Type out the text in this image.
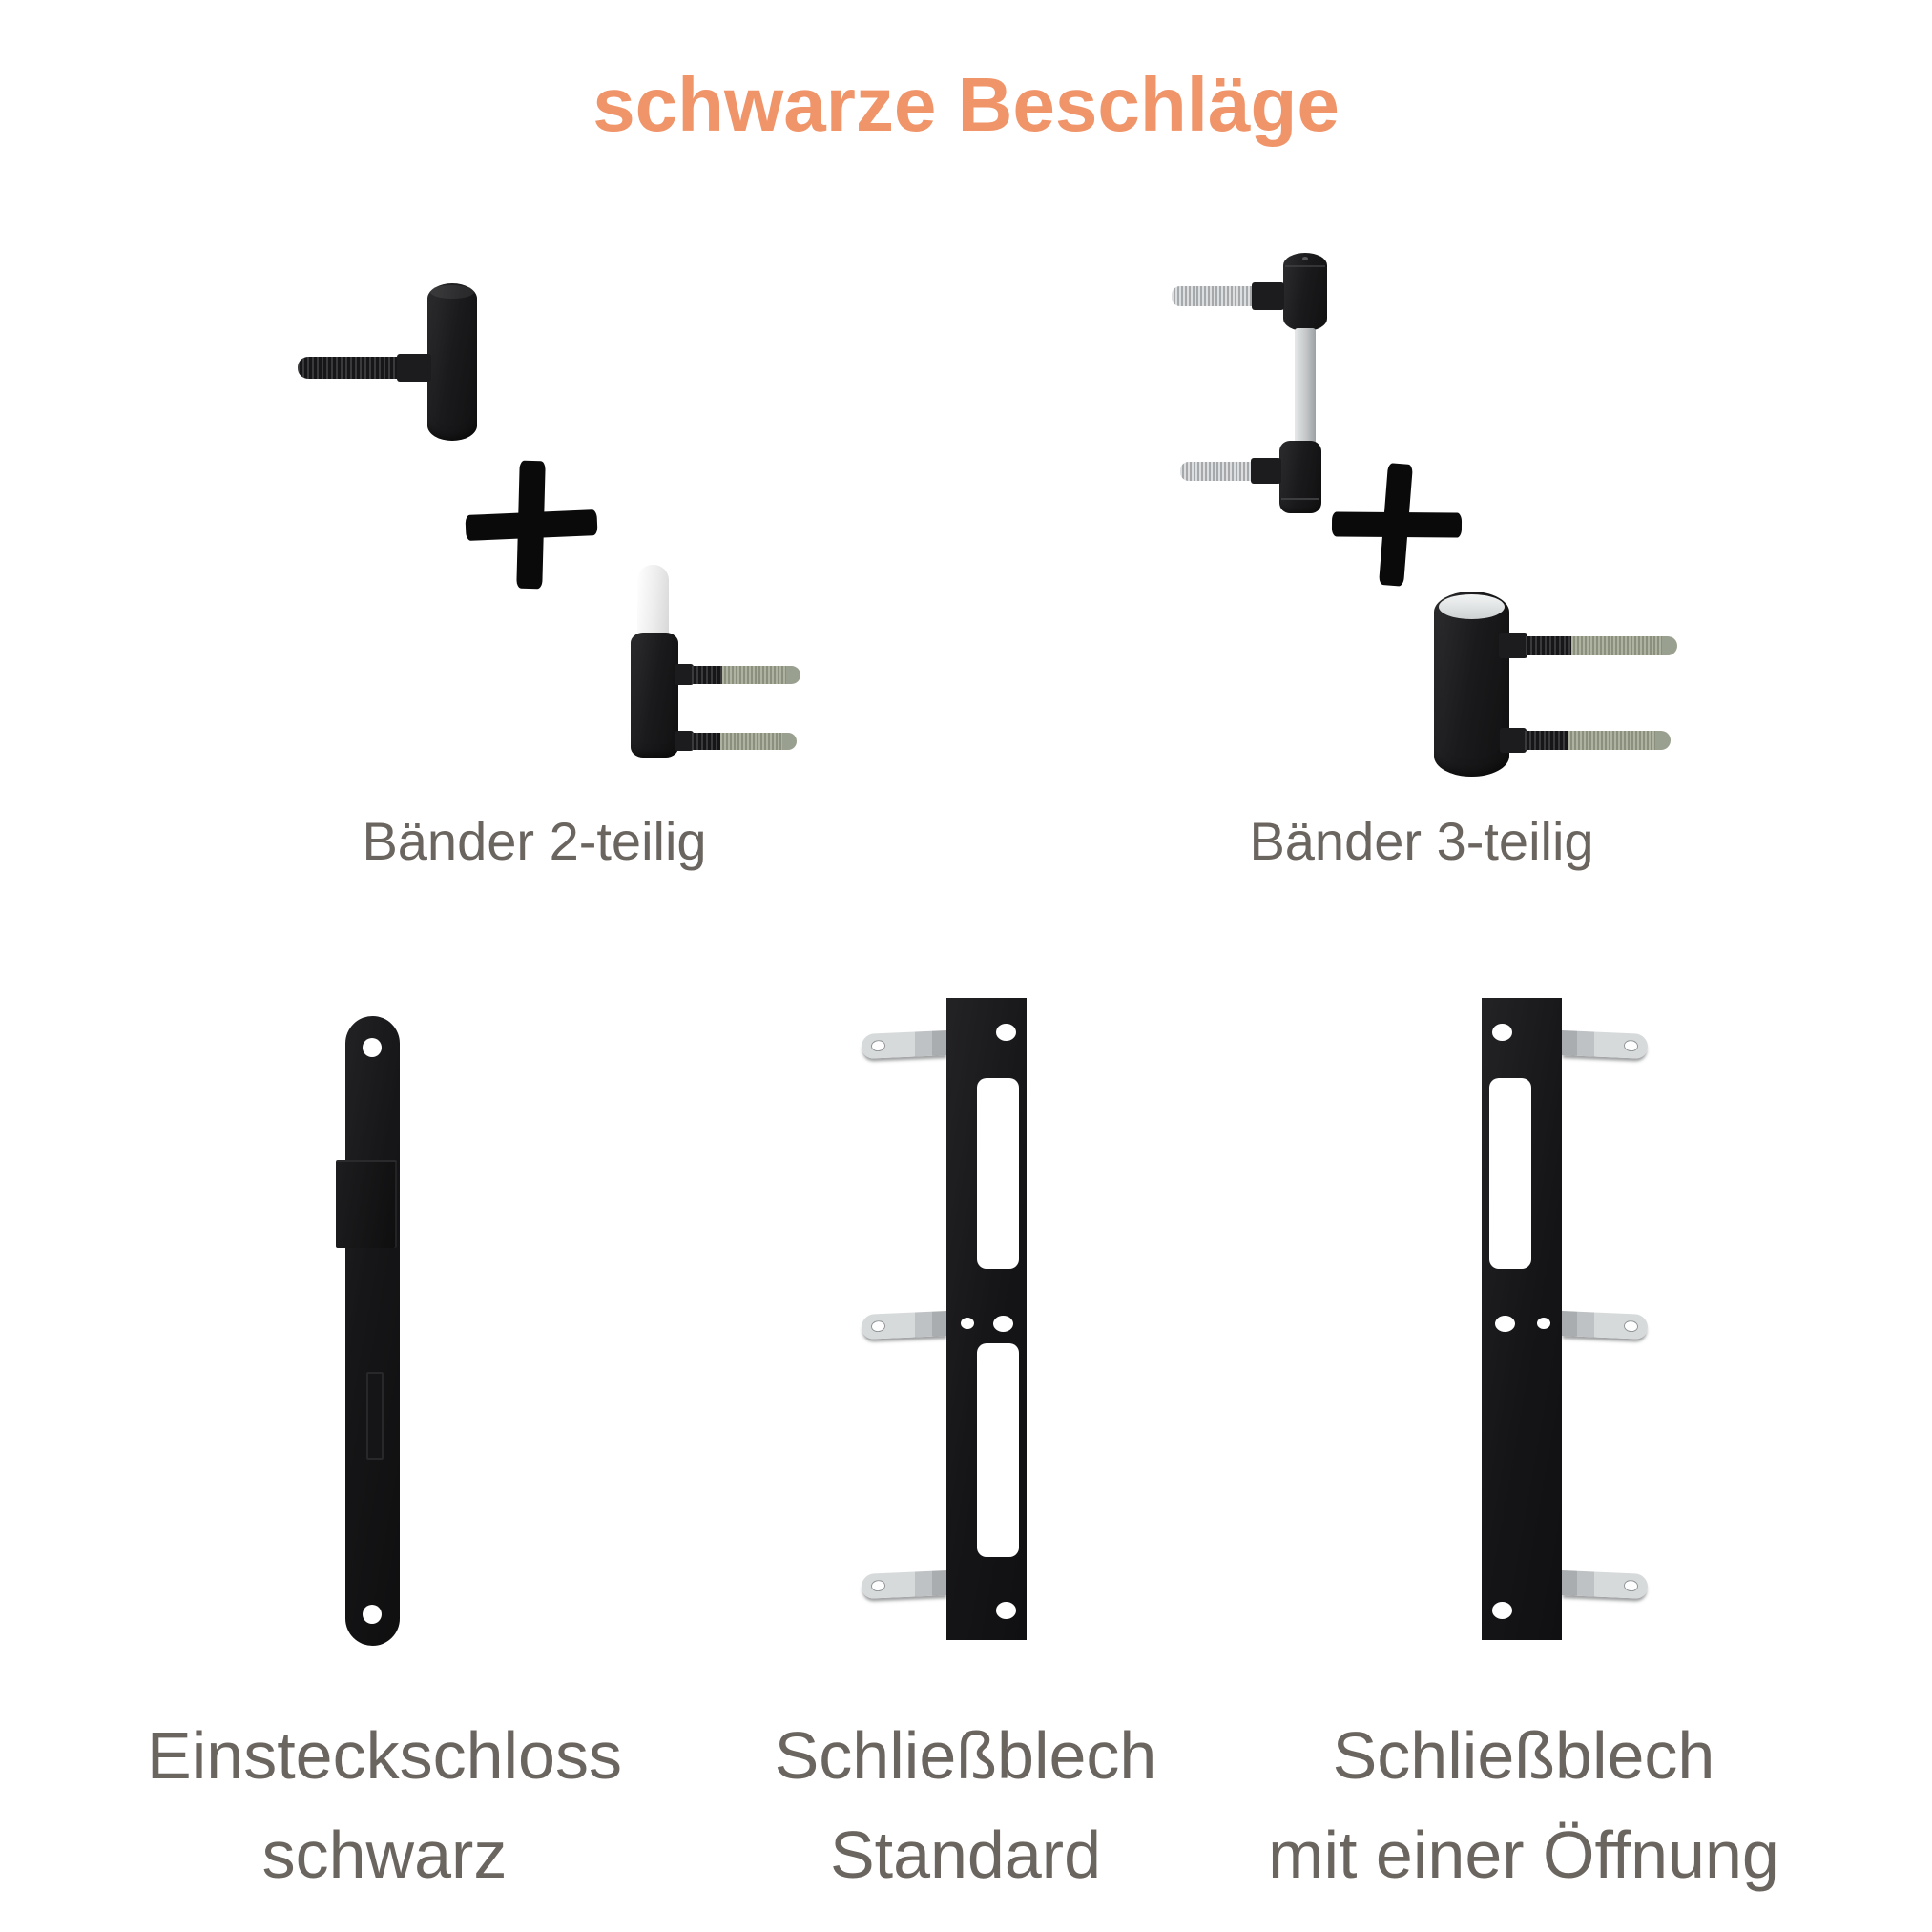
schwarze Beschläge
Bänder 2-teilig	Bänder 3-teilig
Einsteckschloss
schwarz
Schließblech
Standard
Schließblech
mit einer Öffnung
